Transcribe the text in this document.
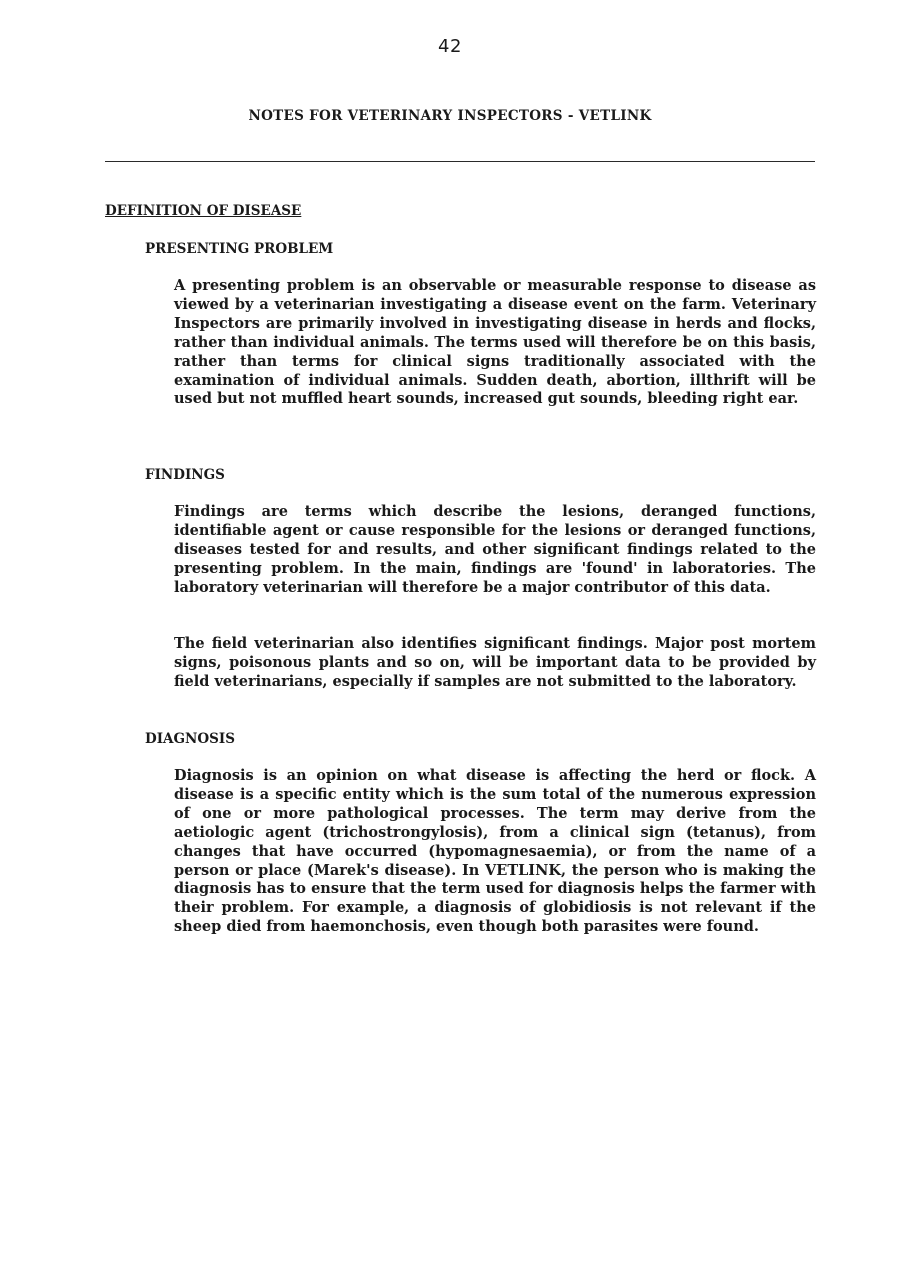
42
NOTES FOR VETERINARY INSPECTORS - VETLINK
DEFINITION OF DISEASE
PRESENTING PROBLEM

A presenting problem is an observable or measurable response to disease as viewed by a veterinarian investigating a disease event on the farm. Veterinary Inspectors are primarily involved in investigating disease in herds and flocks, rather than individual animals. The terms used will therefore be on this basis, rather than terms for clinical signs traditionally associated with the examination of individual animals. Sudden death, abortion, illthrift will be used but not muffled heart sounds, increased gut sounds, bleeding right ear.

FINDINGS

Findings are terms which describe the lesions, deranged functions, identifiable agent or cause responsible for the lesions or deranged functions, diseases tested for and results, and other significant findings related to the presenting problem. In the main, findings are 'found' in laboratories. The laboratory veterinarian will therefore be a major contributor of this data.

The field veterinarian also identifies significant findings. Major post mortem signs, poisonous plants and so on, will be important data to be provided by field veterinarians, especially if samples are not submitted to the laboratory.

DIAGNOSIS

Diagnosis is an opinion on what disease is affecting the herd or flock. A disease is a specific entity which is the sum total of the numerous expression of one or more pathological processes. The term may derive from the aetiologic agent (trichostrongylosis), from a clinical sign (tetanus), from changes that have occurred (hypomagnesaemia), or from the name of a person or place (Marek's disease). In VETLINK, the person who is making the diagnosis has to ensure that the term used for diagnosis helps the farmer with their problem. For example, a diagnosis of globidiosis is not relevant if the sheep died from haemonchosis, even though both parasites were found.
